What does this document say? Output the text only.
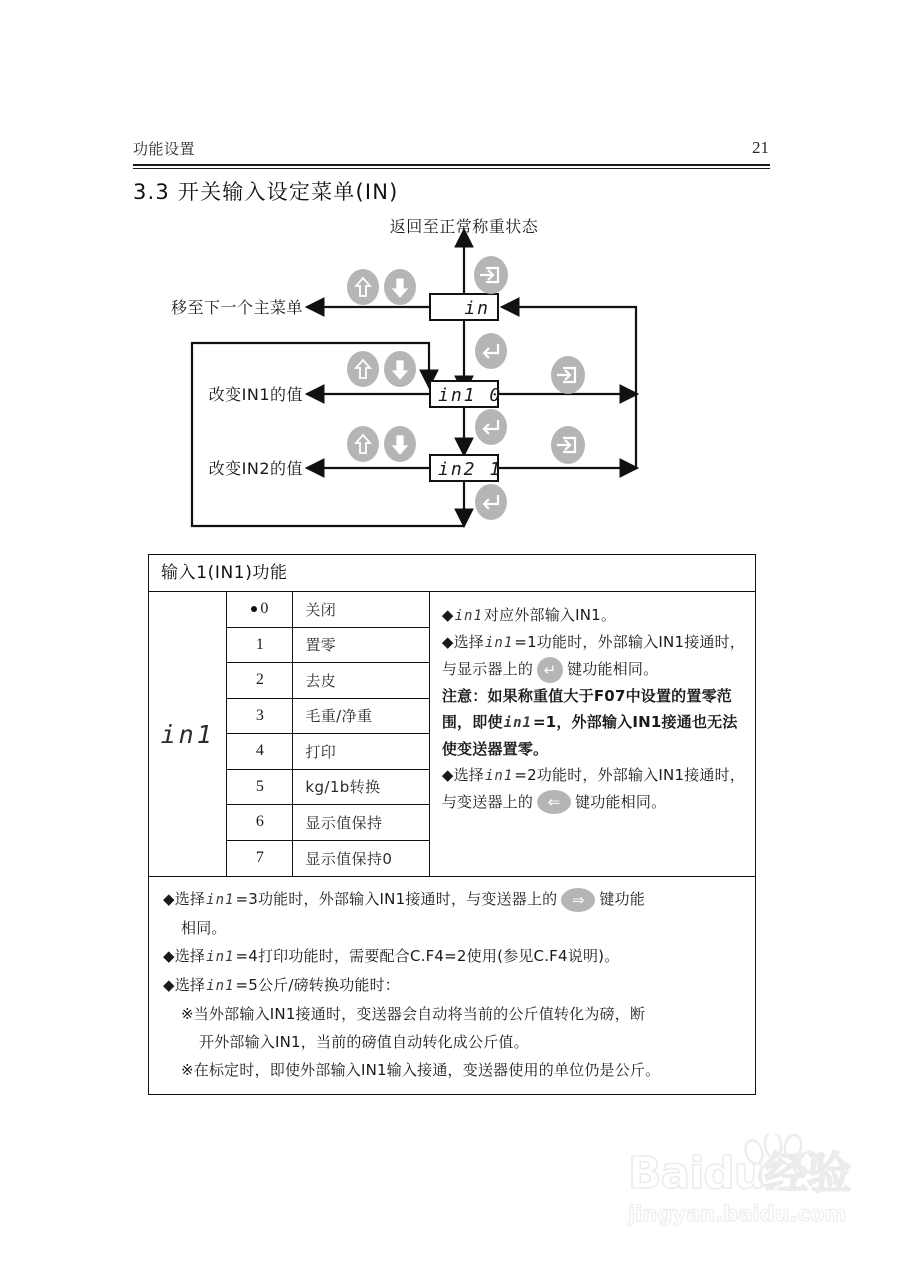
功能设置	21
3.3 开关输入设定菜单(IN)
in
in1 0
in2 1
返回至正常称重状态
移至下一个主菜单
改变IN1的值
改变IN2的值
输入1(IN1)功能
in1
0	关闭
1	置零
2	去皮
3	毛重/净重
4	打印
5	kg/1b转换
6	显示值保持
7	显示值保持0
◆in1对应外部输入IN1。
◆选择in1=1功能时，外部输入IN1接通时，
与显示器上的 ↵ 键功能相同。
注意：如果称重值大于F07中设置的置零范
围，即使in1=1，外部输入IN1接通也无法
使变送器置零。
◆选择in1=2功能时，外部输入IN1接通时，
与变送器上的 ⇐ 键功能相同。
◆选择in1=3功能时，外部输入IN1接通时，与变送器上的 ⇒ 键功能
相同。
◆选择in1=4打印功能时，需要配合C.F4=2使用(参见C.F4说明)。
◆选择in1=5公斤/磅转换功能时：
※当外部输入IN1接通时，变送器会自动将当前的公斤值转化为磅，断
开外部输入IN1，当前的磅值自动转化成公斤值。
※在标定时，即使外部输入IN1输入接通，变送器使用的单位仍是公斤。
Baidu经验
jingyan.baidu.com
